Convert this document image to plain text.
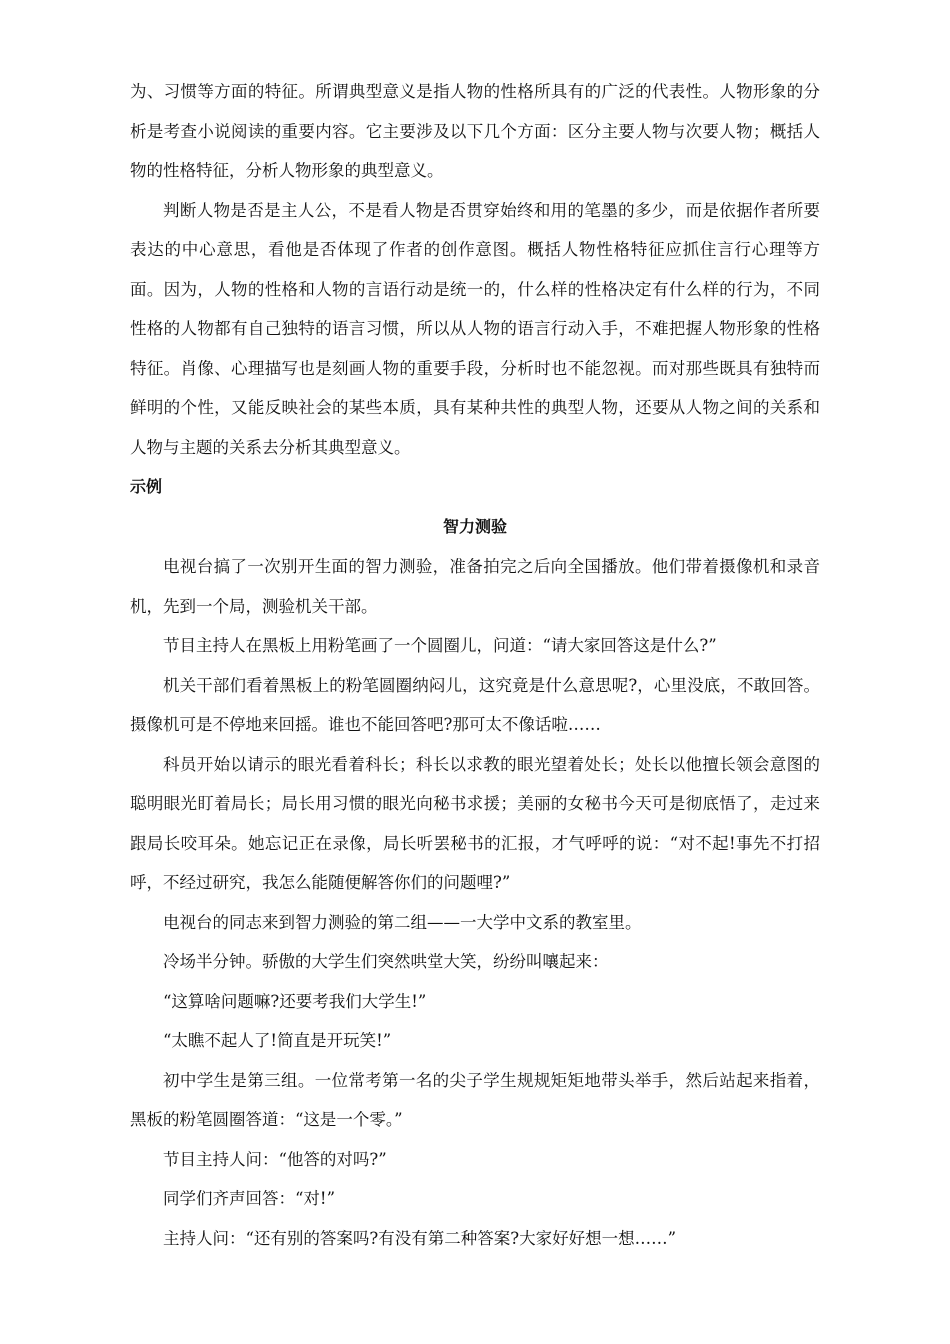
为、习惯等方面的特征。所谓典型意义是指人物的性格所具有的广泛的代表性。人物形象的分析是考查小说阅读的重要内容。它主要涉及以下几个方面：区分主要人物与次要人物；概括人物的性格特征，分析人物形象的典型意义。

判断人物是否是主人公，不是看人物是否贯穿始终和用的笔墨的多少，而是依据作者所要表达的中心意思，看他是否体现了作者的创作意图。概括人物性格特征应抓住言行心理等方面。因为，人物的性格和人物的言语行动是统一的，什么样的性格决定有什么样的行为，不同性格的人物都有自己独特的语言习惯，所以从人物的语言行动入手，不难把握人物形象的性格特征。肖像、心理描写也是刻画人物的重要手段，分析时也不能忽视。而对那些既具有独特而鲜明的个性，又能反映社会的某些本质，具有某种共性的典型人物，还要从人物之间的关系和人物与主题的关系去分析其典型意义。

示例

智力测验

电视台搞了一次别开生面的智力测验，准备拍完之后向全国播放。他们带着摄像机和录音机，先到一个局，测验机关干部。

节目主持人在黑板上用粉笔画了一个圆圈儿，问道：“请大家回答这是什么?”

机关干部们看着黑板上的粉笔圆圈纳闷儿，这究竟是什么意思呢?，心里没底，不敢回答。摄像机可是不停地来回摇。谁也不能回答吧?那可太不像话啦……

科员开始以请示的眼光看着科长；科长以求教的眼光望着处长；处长以他擅长领会意图的聪明眼光盯着局长；局长用习惯的眼光向秘书求援；美丽的女秘书今天可是彻底悟了，走过来跟局长咬耳朵。她忘记正在录像，局长听罢秘书的汇报，才气呼呼的说：“对不起!事先不打招呼，不经过研究，我怎么能随便解答你们的问题哩?”

电视台的同志来到智力测验的第二组——一大学中文系的教室里。

冷场半分钟。骄傲的大学生们突然哄堂大笑，纷纷叫嚷起来：

“这算啥问题嘛?还要考我们大学生!”

“太瞧不起人了!简直是开玩笑!”

初中学生是第三组。一位常考第一名的尖子学生规规矩矩地带头举手，然后站起来指着，黑板的粉笔圆圈答道：“这是一个零。”

节目主持人问：“他答的对吗?”

同学们齐声回答：“对!”

主持人问：“还有别的答案吗?有没有第二种答案?大家好好想一想……”
